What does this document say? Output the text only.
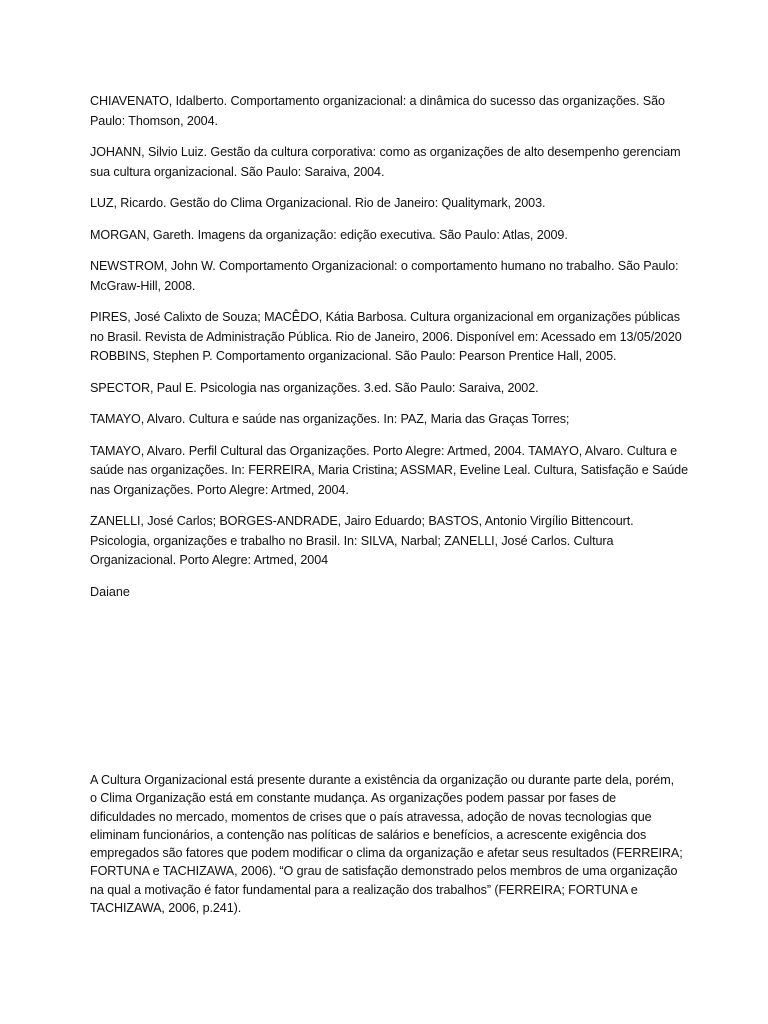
CHIAVENATO, Idalberto. Comportamento organizacional: a dinâmica do sucesso das organizações. São Paulo: Thomson, 2004.

JOHANN, Silvio Luiz. Gestão da cultura corporativa: como as organizações de alto desempenho gerenciam sua cultura organizacional. São Paulo: Saraiva, 2004.

LUZ, Ricardo. Gestão do Clima Organizacional. Rio de Janeiro: Qualitymark, 2003.

MORGAN, Gareth. Imagens da organização: edição executiva. São Paulo: Atlas, 2009.

NEWSTROM, John W. Comportamento Organizacional: o comportamento humano no trabalho. São Paulo: McGraw-Hill, 2008.

PIRES, José Calixto de Souza; MACÊDO, Kátia Barbosa. Cultura organizacional em organizações públicas no Brasil. Revista de Administração Pública. Rio de Janeiro, 2006. Disponível em: Acessado em 13/05/2020 ROBBINS, Stephen P. Comportamento organizacional. São Paulo: Pearson Prentice Hall, 2005.

SPECTOR, Paul E. Psicologia nas organizações. 3.ed. São Paulo: Saraiva, 2002.

TAMAYO, Alvaro. Cultura e saúde nas organizações. In: PAZ, Maria das Graças Torres;

TAMAYO, Alvaro. Perfil Cultural das Organizações. Porto Alegre: Artmed, 2004. TAMAYO, Alvaro. Cultura e saúde nas organizações. In: FERREIRA, Maria Cristina; ASSMAR, Eveline Leal. Cultura, Satisfação e Saúde nas Organizações. Porto Alegre: Artmed, 2004.

ZANELLI, José Carlos; BORGES-ANDRADE, Jairo Eduardo; BASTOS, Antonio Virgílio Bittencourt. Psicologia, organizações e trabalho no Brasil. In: SILVA, Narbal; ZANELLI, José Carlos. Cultura Organizacional. Porto Alegre: Artmed, 2004

Daiane

A Cultura Organizacional está presente durante a existência da organização ou durante parte dela, porém, o Clima Organização está em constante mudança. As organizações podem passar por fases de dificuldades no mercado, momentos de crises que o país atravessa, adoção de novas tecnologias que eliminam funcionários, a contenção nas políticas de salários e benefícios, a acrescente exigência dos empregados são fatores que podem modificar o clima da organização e afetar seus resultados (FERREIRA; FORTUNA e TACHIZAWA, 2006). “O grau de satisfação demonstrado pelos membros de uma organização na qual a motivação é fator fundamental para a realização dos trabalhos” (FERREIRA; FORTUNA e TACHIZAWA, 2006, p.241).
